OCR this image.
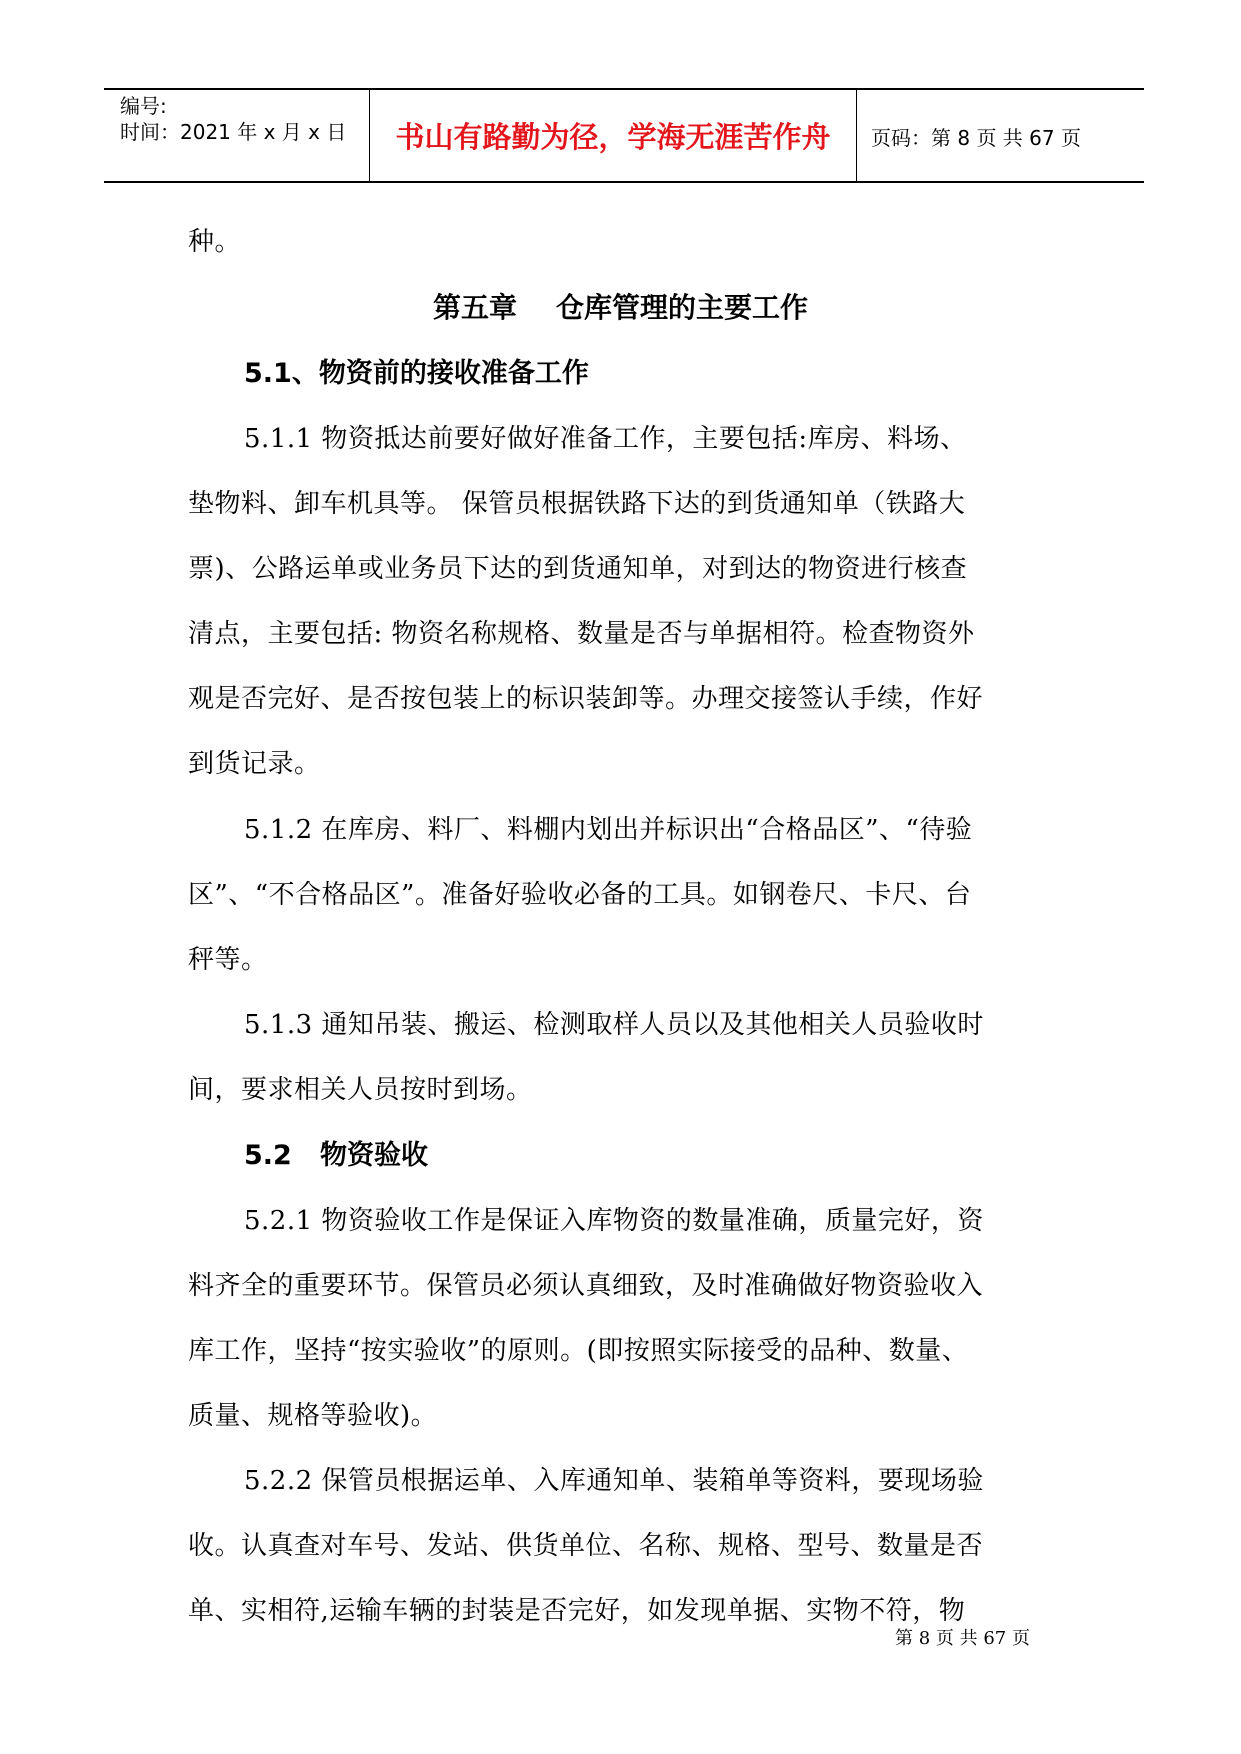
编号:
时间：2021 年 x 月 x 日	书山有路勤为径，学海无涯苦作舟	页码：第 8 页 共 67 页
种。
第五章    仓库管理的主要工作
5.1、物资前的接收准备工作
5.1.1 物资抵达前要好做好准备工作，主要包括:库房、料场、
垫物料、卸车机具等。 保管员根据铁路下达的到货通知单（铁路大
票)、公路运单或业务员下达的到货通知单，对到达的物资进行核查
清点，主要包括: 物资名称规格、数量是否与单据相符。检查物资外
观是否完好、是否按包装上的标识装卸等。办理交接签认手续，作好
到货记录。
5.1.2 在库房、料厂、料棚内划出并标识出“合格品区”、“待验
区”、“不合格品区”。准备好验收必备的工具。如钢卷尺、卡尺、台
秤等。
5.1.3 通知吊装、搬运、检测取样人员以及其他相关人员验收时
间，要求相关人员按时到场。
5.2   物资验收
5.2.1 物资验收工作是保证入库物资的数量准确，质量完好，资
料齐全的重要环节。保管员必须认真细致，及时准确做好物资验收入
库工作，坚持“按实验收”的原则。(即按照实际接受的品种、数量、
质量、规格等验收)。
5.2.2 保管员根据运单、入库通知单、装箱单等资料，要现场验
收。认真查对车号、发站、供货单位、名称、规格、型号、数量是否
单、实相符,运输车辆的封装是否完好，如发现单据、实物不符，物
第 8 页 共 67 页
